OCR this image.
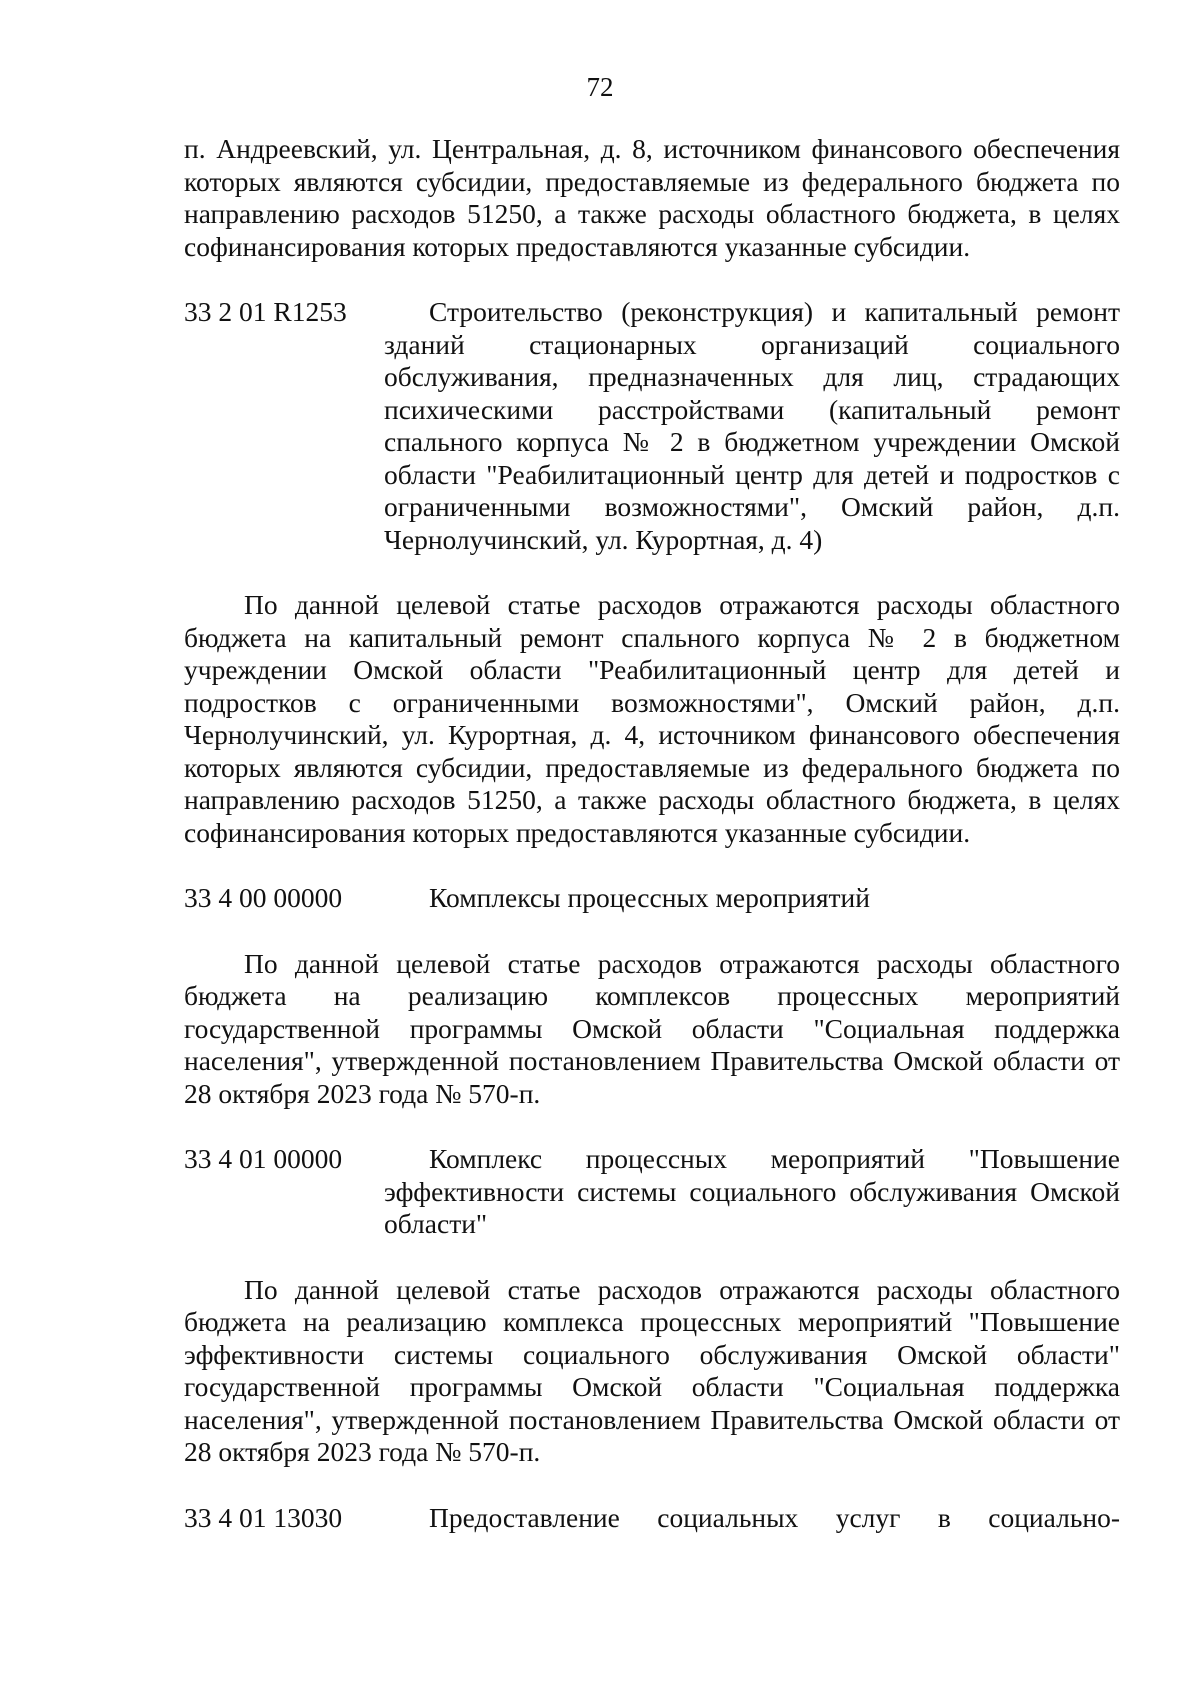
72

п. Андреевский, ул. Центральная, д. 8, источником финансового обеспечения которых являются субсидии, предоставляемые из федерального бюджета по направлению расходов 51250, а также расходы областного бюджета, в целях софинансирования которых предоставляются указанные субсидии.

33 2 01 R1253	Строительство (реконструкция) и капитальный ремонт зданий стационарных организаций социального обслуживания, предназначенных для лиц, страдающих психическими расстройствами (капитальный ремонт спального корпуса № 2 в бюджетном учреждении Омской области "Реабилитационный центр для детей и подростков с ограниченными возможностями", Омский район, д.п. Чернолучинский, ул. Курортная, д. 4)

По данной целевой статье расходов отражаются расходы областного бюджета на капитальный ремонт спального корпуса № 2 в бюджетном учреждении Омской области "Реабилитационный центр для детей и подростков с ограниченными возможностями", Омский район, д.п. Чернолучинский, ул. Курортная, д. 4, источником финансового обеспечения которых являются субсидии, предоставляемые из федерального бюджета по направлению расходов 51250, а также расходы областного бюджета, в целях софинансирования которых предоставляются указанные субсидии.

33 4 00 00000	Комплексы процессных мероприятий

По данной целевой статье расходов отражаются расходы областного бюджета на реализацию комплексов процессных мероприятий государственной программы Омской области "Социальная поддержка населения", утвержденной постановлением Правительства Омской области от 28 октября 2023 года № 570-п.

33 4 01 00000	Комплекс процессных мероприятий "Повышение эффективности системы социального обслуживания Омской области"

По данной целевой статье расходов отражаются расходы областного бюджета на реализацию комплекса процессных мероприятий "Повышение эффективности системы социального обслуживания Омской области" государственной программы Омской области "Социальная поддержка населения", утвержденной постановлением Правительства Омской области от 28 октября 2023 года № 570-п.

33 4 01 13030	Предоставление социальных услуг в социально-
